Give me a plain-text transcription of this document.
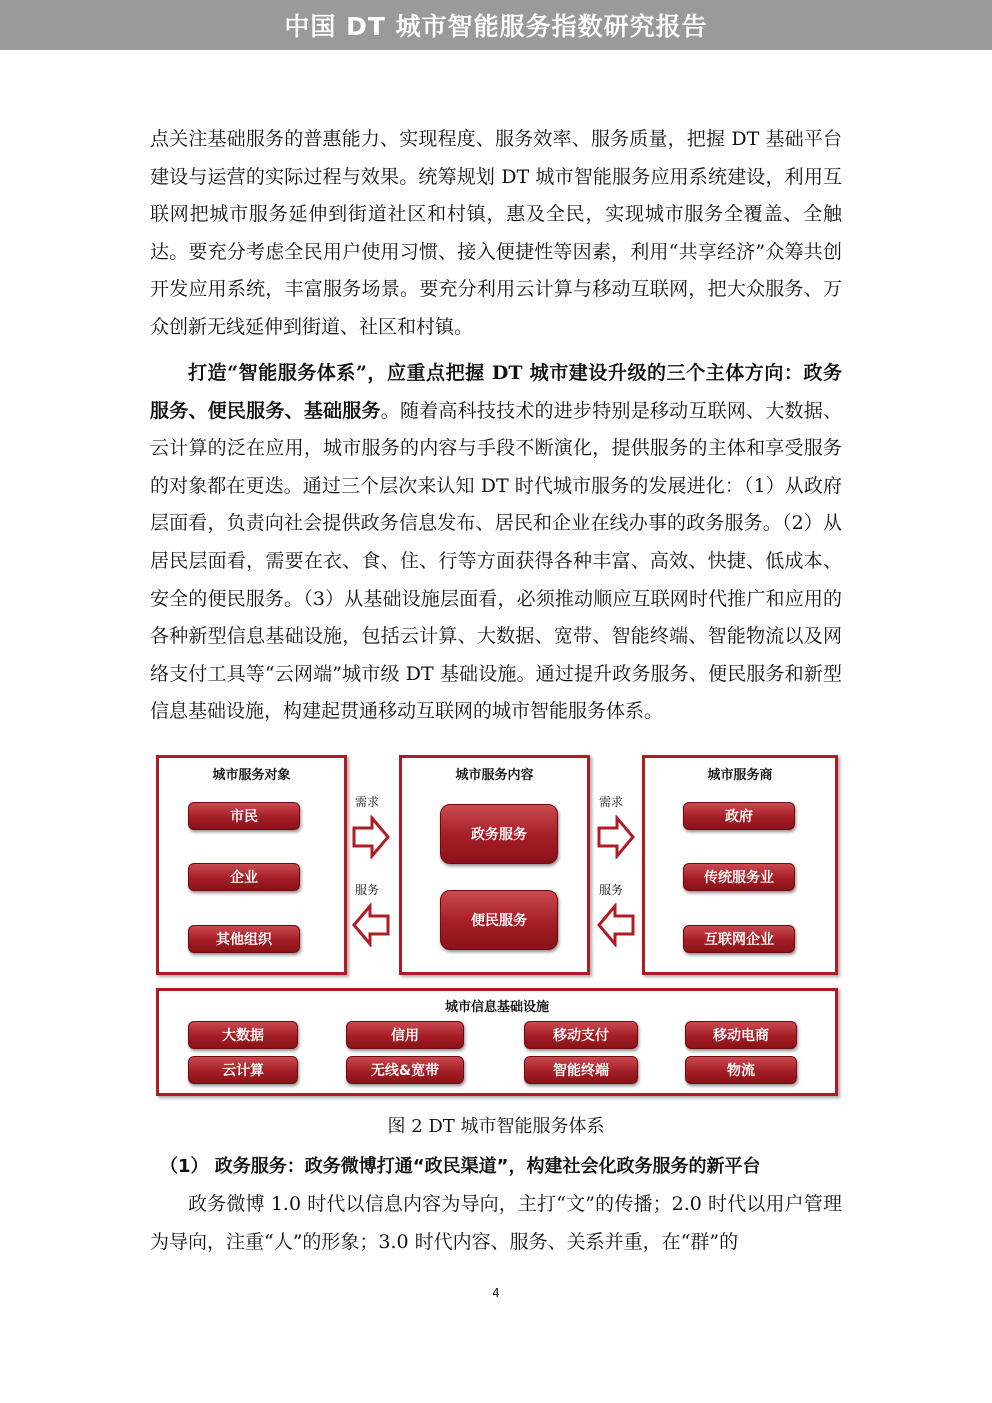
中国 DT 城市智能服务指数研究报告
点关注基础服务的普惠能力、实现程度、服务效率、服务质量，把握 DT 基础平台建设与运营的实际过程与效果。统筹规划 DT 城市智能服务应用系统建设，利用互联网把城市服务延伸到街道社区和村镇，惠及全民，实现城市服务全覆盖、全触达。要充分考虑全民用户使用习惯、接入便捷性等因素，利用“共享经济”众筹共创开发应用系统，丰富服务场景。要充分利用云计算与移动互联网，把大众服务、万众创新无线延伸到街道、社区和村镇。
打造“智能服务体系”，应重点把握 DT 城市建设升级的三个主体方向：政务服务、便民服务、基础服务。随着高科技技术的进步特别是移动互联网、大数据、云计算的泛在应用，城市服务的内容与手段不断演化，提供服务的主体和享受服务的对象都在更迭。通过三个层次来认知 DT 时代城市服务的发展进化：（1）从政府层面看，负责向社会提供政务信息发布、居民和企业在线办事的政务服务。（2）从居民层面看，需要在衣、食、住、行等方面获得各种丰富、高效、快捷、低成本、安全的便民服务。（3）从基础设施层面看，必须推动顺应互联网时代推广和应用的各种新型信息基础设施，包括云计算、大数据、宽带、智能终端、智能物流以及网络支付工具等“云网端”城市级 DT 基础设施。通过提升政务服务、便民服务和新型信息基础设施，构建起贯通移动互联网的城市智能服务体系。
城市服务对象
市民
企业
其他组织
需求
服务
城市服务内容
政务服务
便民服务
需求
服务
城市服务商
政府
传统服务业
互联网企业
城市信息基础设施
大数据	信用	移动支付	移动电商
云计算	无线&宽带	智能终端	物流
图 2 DT 城市智能服务体系
（1） 政务服务：政务微博打通“政民渠道”，构建社会化政务服务的新平台
政务微博 1.0 时代以信息内容为导向，主打“文”的传播；2.0 时代以用户管理为导向，注重“人”的形象；3.0 时代内容、服务、关系并重，在“群”的
4
